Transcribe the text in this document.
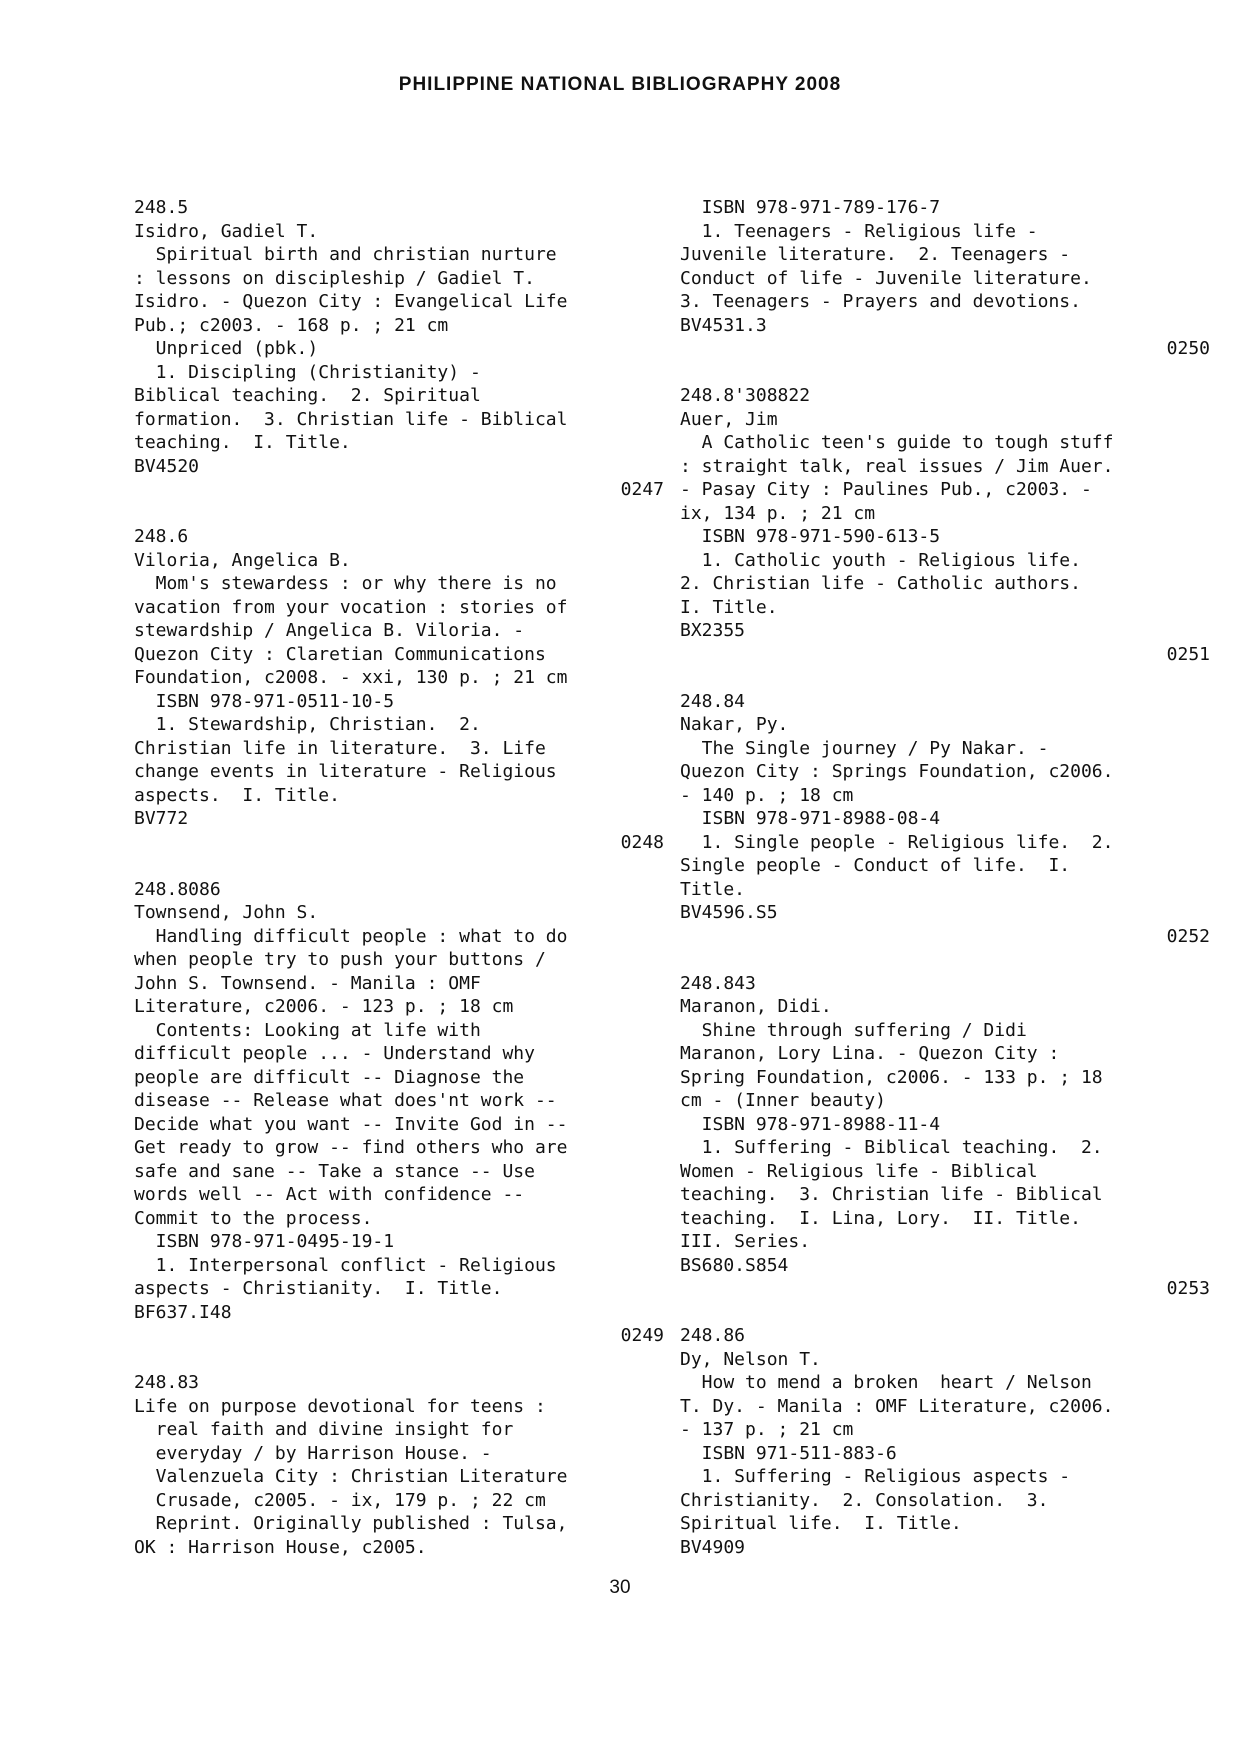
PHILIPPINE NATIONAL BIBLIOGRAPHY 2008
248.5
Isidro, Gadiel T.
Spiritual birth and christian nurture
: lessons on discipleship / Gadiel T.
Isidro. - Quezon City : Evangelical Life
Pub.; c2003. - 168 p. ; 21 cm
Unpriced (pbk.)
1. Discipling (Christianity) -
Biblical teaching.  2. Spiritual
formation.  3. Christian life - Biblical
teaching.  I. Title.
BV4520
0247
248.6
Viloria, Angelica B.
Mom's stewardess : or why there is no
vacation from your vocation : stories of
stewardship / Angelica B. Viloria. -
Quezon City : Claretian Communications
Foundation, c2008. - xxi, 130 p. ; 21 cm
ISBN 978-971-0511-10-5
1. Stewardship, Christian.  2.
Christian life in literature.  3. Life
change events in literature - Religious
aspects.  I. Title.
BV772
0248
248.8086
Townsend, John S.
Handling difficult people : what to do
when people try to push your buttons /
John S. Townsend. - Manila : OMF
Literature, c2006. - 123 p. ; 18 cm
Contents: Looking at life with
difficult people ... - Understand why
people are difficult -- Diagnose the
disease -- Release what does'nt work --
Decide what you want -- Invite God in --
Get ready to grow -- find others who are
safe and sane -- Take a stance -- Use
words well -- Act with confidence --
Commit to the process.
ISBN 978-971-0495-19-1
1. Interpersonal conflict - Religious
aspects - Christianity.  I. Title.
BF637.I48
0249
248.83
Life on purpose devotional for teens :
real faith and divine insight for
everyday / by Harrison House. -
Valenzuela City : Christian Literature
Crusade, c2005. - ix, 179 p. ; 22 cm
Reprint. Originally published : Tulsa,
OK : Harrison House, c2005.
ISBN 978-971-789-176-7
1. Teenagers - Religious life -
Juvenile literature.  2. Teenagers -
Conduct of life - Juvenile literature.
3. Teenagers - Prayers and devotions.
BV4531.3
0250
248.8'308822
Auer, Jim
A Catholic teen's guide to tough stuff
: straight talk, real issues / Jim Auer.
- Pasay City : Paulines Pub., c2003. -
ix, 134 p. ; 21 cm
ISBN 978-971-590-613-5
1. Catholic youth - Religious life.
2. Christian life - Catholic authors.
I. Title.
BX2355
0251
248.84
Nakar, Py.
The Single journey / Py Nakar. -
Quezon City : Springs Foundation, c2006.
- 140 p. ; 18 cm
ISBN 978-971-8988-08-4
1. Single people - Religious life.  2.
Single people - Conduct of life.  I.
Title.
BV4596.S5
0252
248.843
Maranon, Didi.
Shine through suffering / Didi
Maranon, Lory Lina. - Quezon City :
Spring Foundation, c2006. - 133 p. ; 18
cm - (Inner beauty)
ISBN 978-971-8988-11-4
1. Suffering - Biblical teaching.  2.
Women - Religious life - Biblical
teaching.  3. Christian life - Biblical
teaching.  I. Lina, Lory.  II. Title.
III. Series.
BS680.S854
0253
248.86
Dy, Nelson T.
How to mend a broken  heart / Nelson
T. Dy. - Manila : OMF Literature, c2006.
- 137 p. ; 21 cm
ISBN 971-511-883-6
1. Suffering - Religious aspects -
Christianity.  2. Consolation.  3.
Spiritual life.  I. Title.
BV4909
30
